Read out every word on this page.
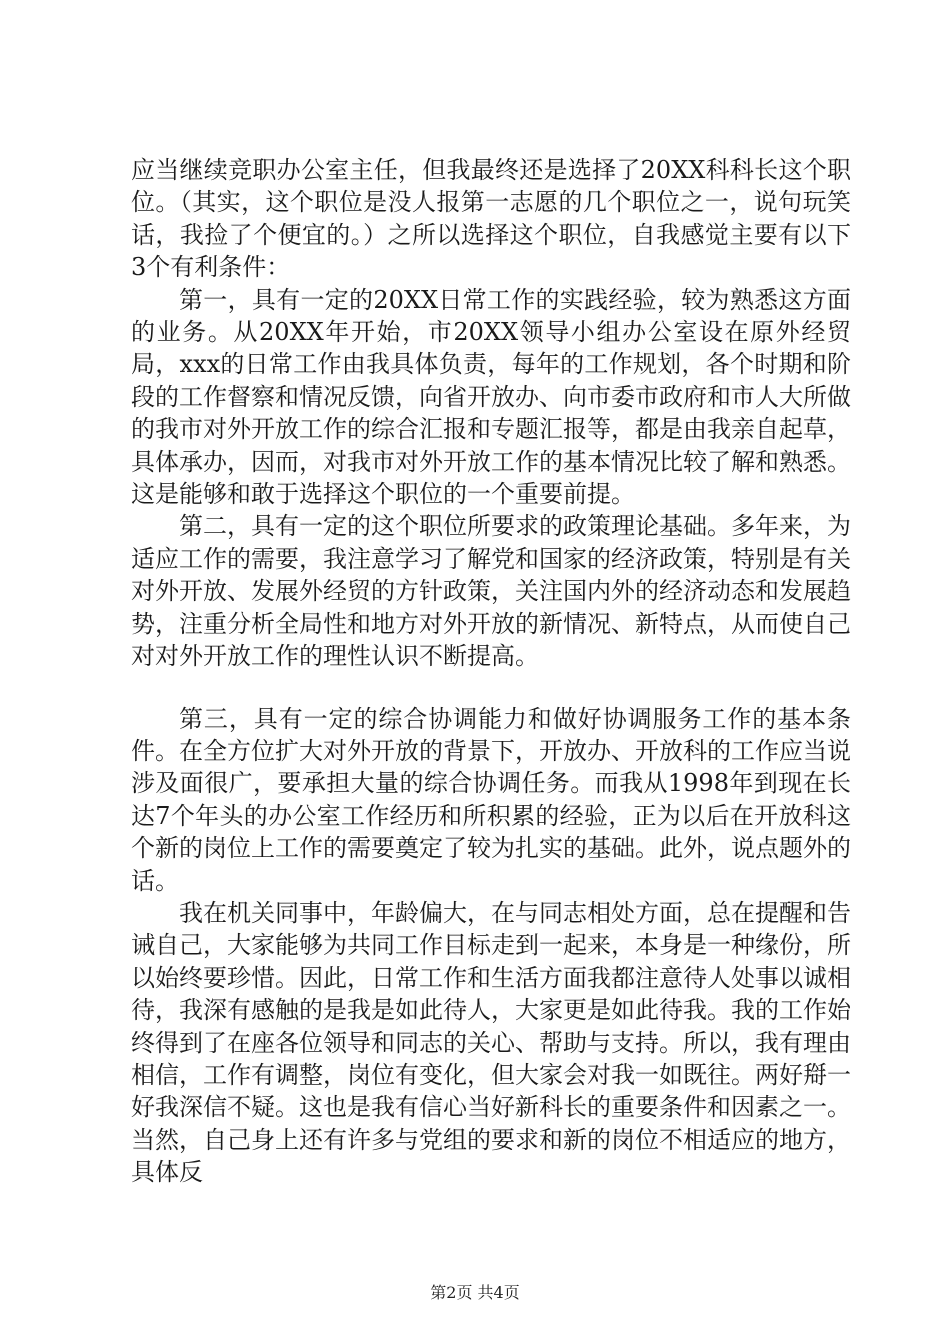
应当继续竞职办公室主任，但我最终还是选择了20XX科科长这个职位。（其实，这个职位是没人报第一志愿的几个职位之一，说句玩笑话，我捡了个便宜的。）之所以选择这个职位，自我感觉主要有以下3个有利条件：

第一，具有一定的20XX日常工作的实践经验，较为熟悉这方面的业务。从20XX年开始，市20XX领导小组办公室设在原外经贸局，xxx的日常工作由我具体负责，每年的工作规划，各个时期和阶段的工作督察和情况反馈，向省开放办、向市委市政府和市人大所做的我市对外开放工作的综合汇报和专题汇报等，都是由我亲自起草，具体承办，因而，对我市对外开放工作的基本情况比较了解和熟悉。这是能够和敢于选择这个职位的一个重要前提。

第二，具有一定的这个职位所要求的政策理论基础。多年来，为适应工作的需要，我注意学习了解党和国家的经济政策，特别是有关对外开放、发展外经贸的方针政策，关注国内外的经济动态和发展趋势，注重分析全局性和地方对外开放的新情况、新特点，从而使自己对对外开放工作的理性认识不断提高。

第三，具有一定的综合协调能力和做好协调服务工作的基本条件。在全方位扩大对外开放的背景下，开放办、开放科的工作应当说涉及面很广，要承担大量的综合协调任务。而我从1998年到现在长达7个年头的办公室工作经历和所积累的经验，正为以后在开放科这个新的岗位上工作的需要奠定了较为扎实的基础。此外，说点题外的话。

我在机关同事中，年龄偏大，在与同志相处方面，总在提醒和告诫自己，大家能够为共同工作目标走到一起来，本身是一种缘份，所以始终要珍惜。因此，日常工作和生活方面我都注意待人处事以诚相待，我深有感触的是我是如此待人，大家更是如此待我。我的工作始终得到了在座各位领导和同志的关心、帮助与支持。所以，我有理由相信，工作有调整，岗位有变化，但大家会对我一如既往。两好搿一好我深信不疑。这也是我有信心当好新科长的重要条件和因素之一。当然，自己身上还有许多与党组的要求和新的岗位不相适应的地方，具体反

第2页 共4页
